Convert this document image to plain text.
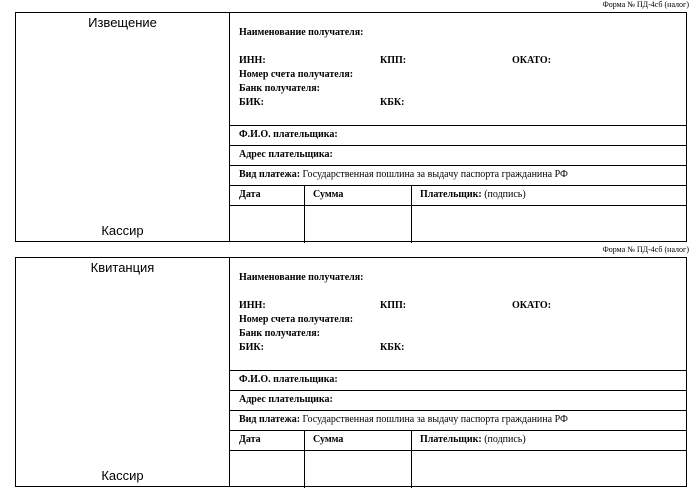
Форма № ПД-4сб (налог)
Извещение
Кассир
Наименование получателя:
ИНН:	КПП:	ОКАТО:
Номер счета получателя:
Банк получателя:
БИК:	КБК:
Ф.И.О. плательщика:
Адрес плательщика:
Вид платежа: Государственная пошлина за выдачу паспорта гражданина РФ
Дата	Сумма	Плательщик: (подпись)
Форма № ПД-4сб (налог)
Квитанция
Кассир
Наименование получателя:
ИНН:	КПП:	ОКАТО:
Номер счета получателя:
Банк получателя:
БИК:	КБК:
Ф.И.О. плательщика:
Адрес плательщика:
Вид платежа: Государственная пошлина за выдачу паспорта гражданина РФ
Дата	Сумма	Плательщик: (подпись)
